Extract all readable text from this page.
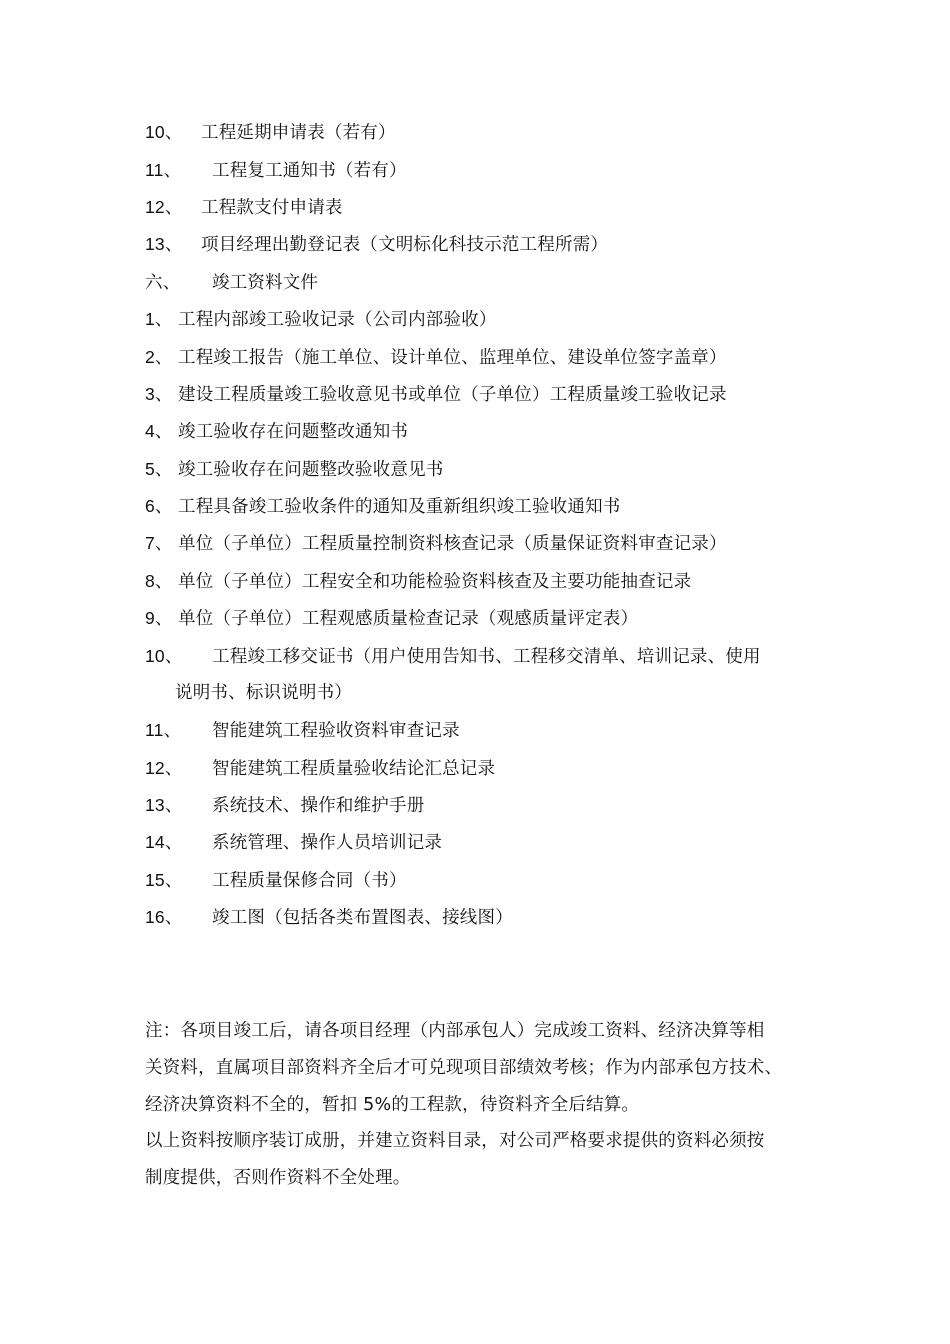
10、 工程延期申请表（若有）
11、 工程复工通知书（若有）
12、 工程款支付申请表
13、 项目经理出勤登记表（文明标化科技示范工程所需）
六、 竣工资料文件
1、 工程内部竣工验收记录（公司内部验收）
2、 工程竣工报告（施工单位、设计单位、监理单位、建设单位签字盖章）
3、 建设工程质量竣工验收意见书或单位（子单位）工程质量竣工验收记录
4、 竣工验收存在问题整改通知书
5、 竣工验收存在问题整改验收意见书
6、 工程具备竣工验收条件的通知及重新组织竣工验收通知书
7、 单位（子单位）工程质量控制资料核查记录（质量保证资料审查记录）
8、 单位（子单位）工程安全和功能检验资料核查及主要功能抽查记录
9、 单位（子单位）工程观感质量检查记录（观感质量评定表）
10、 工程竣工移交证书（用户使用告知书、工程移交清单、培训记录、使用
说明书、标识说明书）
11、 智能建筑工程验收资料审查记录
12、 智能建筑工程质量验收结论汇总记录
13、 系统技术、操作和维护手册
14、 系统管理、操作人员培训记录
15、 工程质量保修合同（书）
16、 竣工图（包括各类布置图表、接线图）
注：各项目竣工后，请各项目经理（内部承包人）完成竣工资料、经济决算等相
关资料，直属项目部资料齐全后才可兑现项目部绩效考核；作为内部承包方技术、
经济决算资料不全的，暂扣 5%的工程款，待资料齐全后结算。
以上资料按顺序装订成册，并建立资料目录，对公司严格要求提供的资料必须按
制度提供，否则作资料不全处理。
